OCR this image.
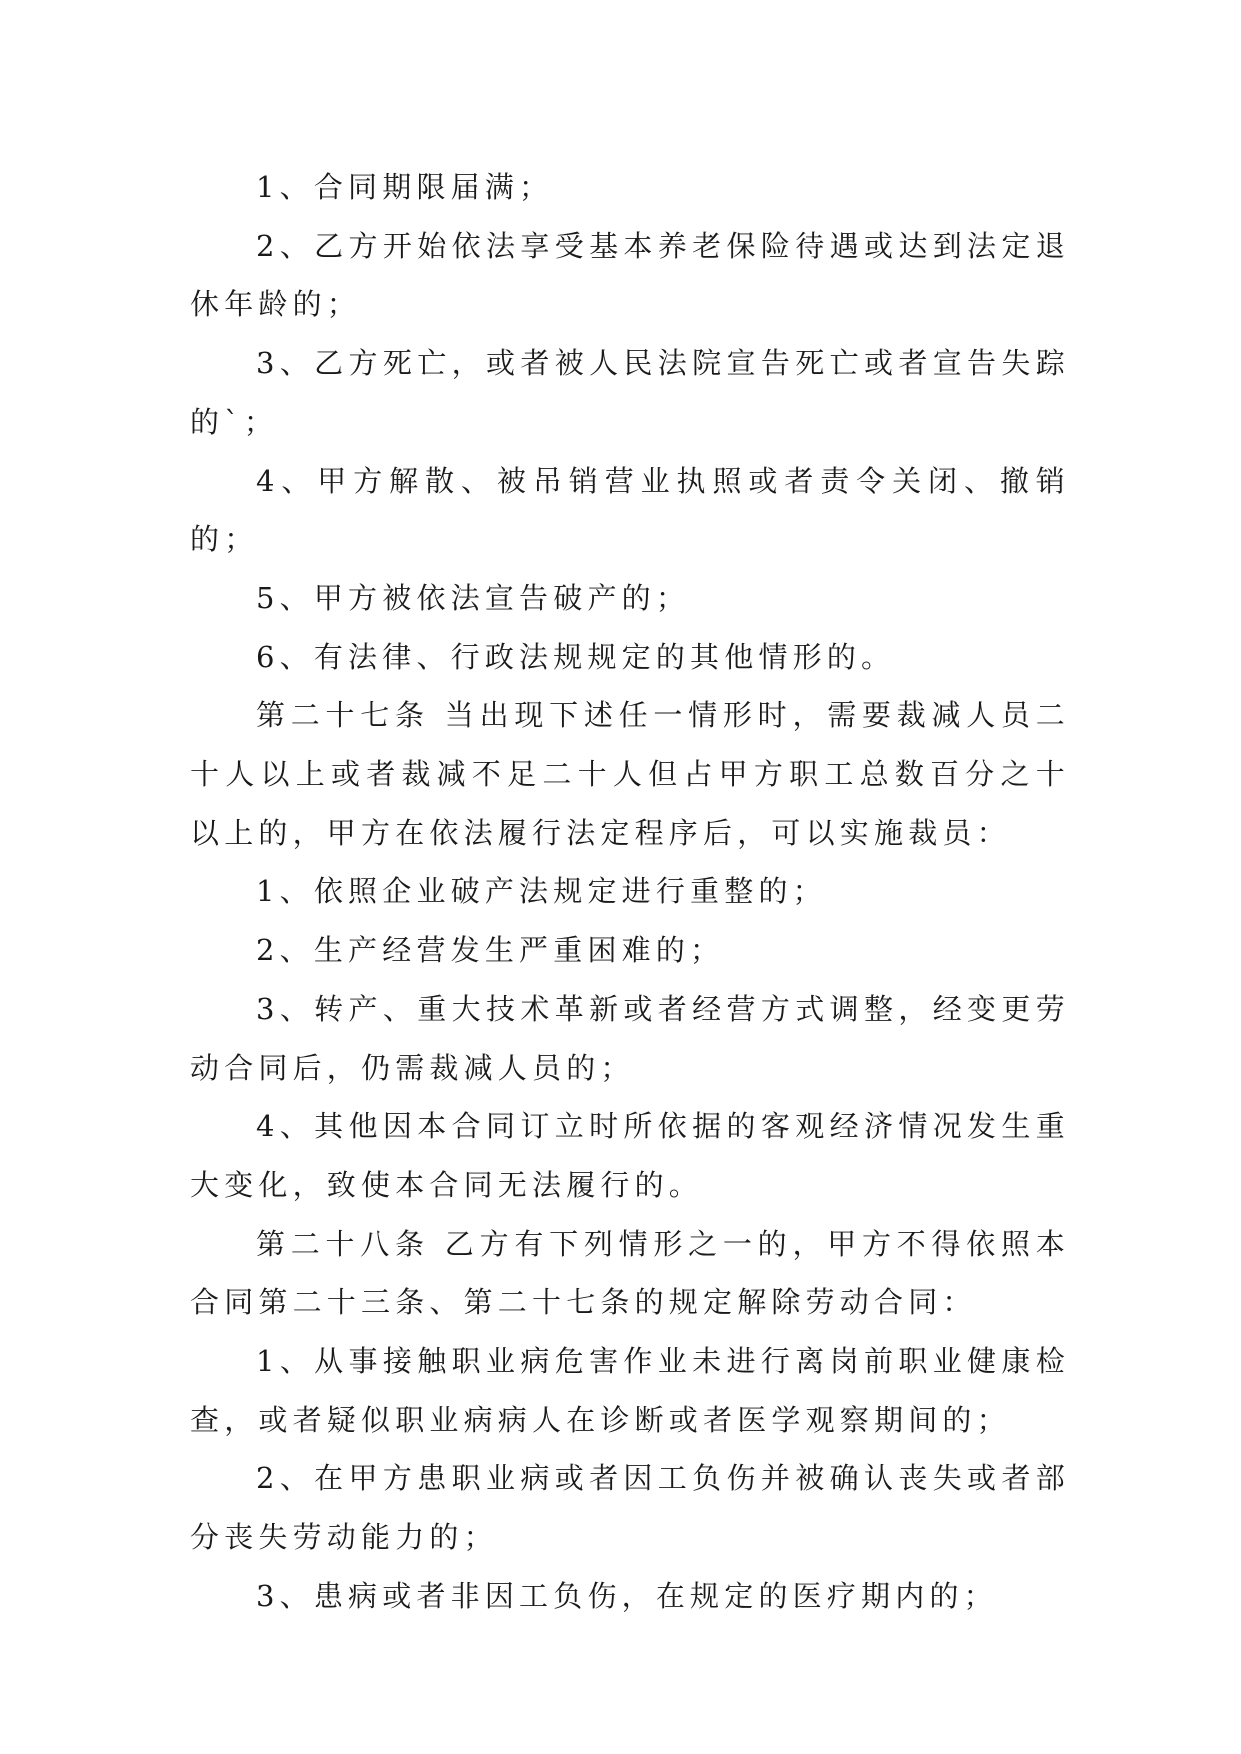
1、合同期限届满；

2、乙方开始依法享受基本养老保险待遇或达到法定退休年龄的；

3、乙方死亡，或者被人民法院宣告死亡或者宣告失踪的`；

4、甲方解散、被吊销营业执照或者责令关闭、撤销的；

5、甲方被依法宣告破产的；

6、有法律、行政法规规定的其他情形的。

第二十七条 当出现下述任一情形时，需要裁减人员二十人以上或者裁减不足二十人但占甲方职工总数百分之十以上的，甲方在依法履行法定程序后，可以实施裁员：

1、依照企业破产法规定进行重整的；

2、生产经营发生严重困难的；

3、转产、重大技术革新或者经营方式调整，经变更劳动合同后，仍需裁减人员的；

4、其他因本合同订立时所依据的客观经济情况发生重大变化，致使本合同无法履行的。

第二十八条 乙方有下列情形之一的，甲方不得依照本合同第二十三条、第二十七条的规定解除劳动合同：

1、从事接触职业病危害作业未进行离岗前职业健康检查，或者疑似职业病病人在诊断或者医学观察期间的；

2、在甲方患职业病或者因工负伤并被确认丧失或者部分丧失劳动能力的；

3、患病或者非因工负伤，在规定的医疗期内的；
